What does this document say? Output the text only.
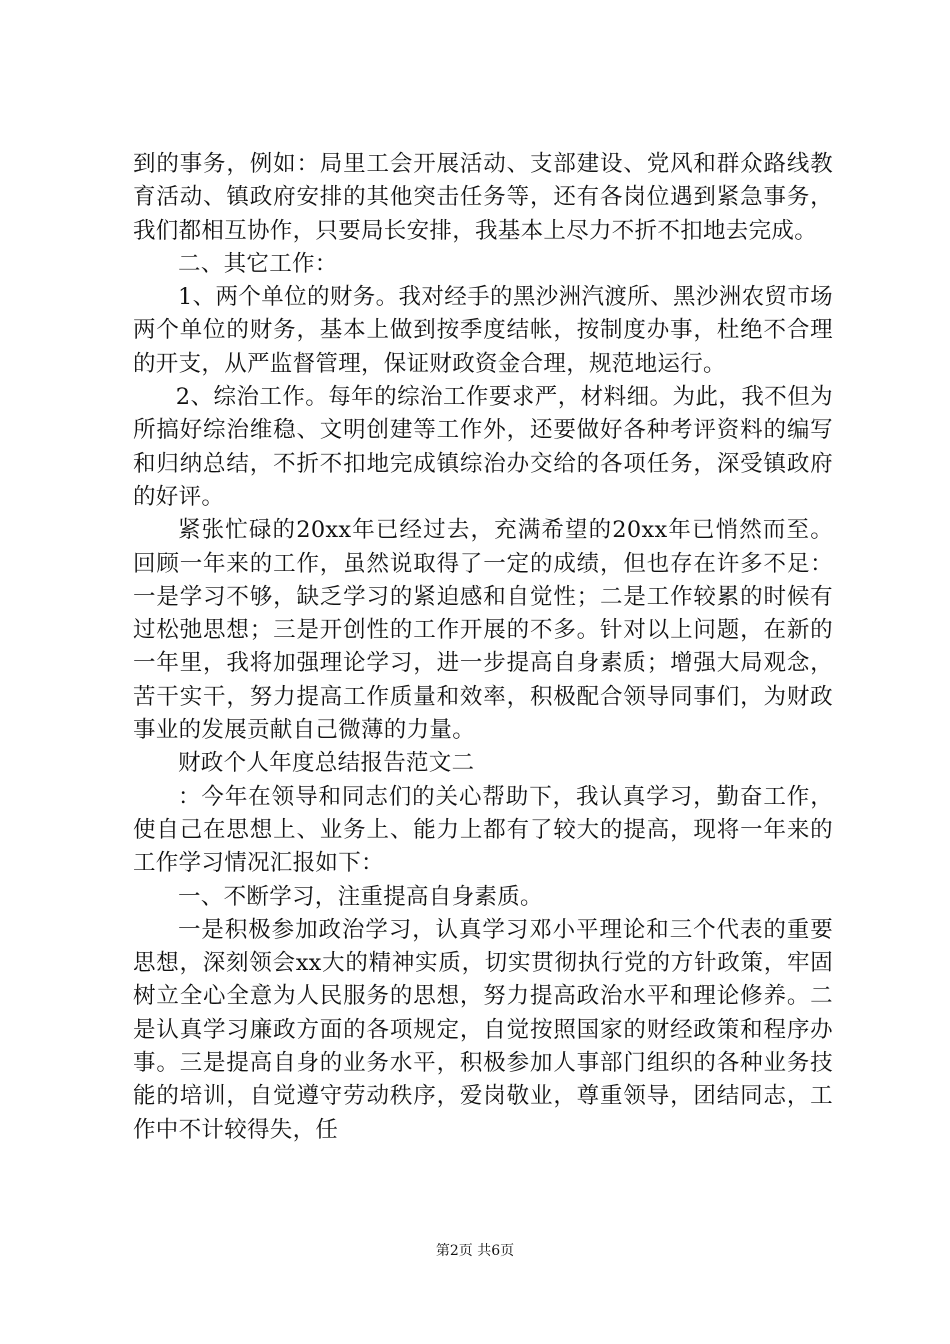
到的事务，例如：局里工会开展活动、支部建设、党风和群众路线教育活动、镇政府安排的其他突击任务等，还有各岗位遇到紧急事务，我们都相互协作，只要局长安排，我基本上尽力不折不扣地去完成。

二、其它工作：

1、两个单位的财务。我对经手的黑沙洲汽渡所、黑沙洲农贸市场两个单位的财务，基本上做到按季度结帐，按制度办事，杜绝不合理的开支，从严监督管理，保证财政资金合理，规范地运行。

2、综治工作。每年的综治工作要求严，材料细。为此，我不但为所搞好综治维稳、文明创建等工作外，还要做好各种考评资料的编写和归纳总结，不折不扣地完成镇综治办交给的各项任务，深受镇政府的好评。

紧张忙碌的20xx年已经过去，充满希望的20xx年已悄然而至。回顾一年来的工作，虽然说取得了一定的成绩，但也存在许多不足：一是学习不够，缺乏学习的紧迫感和自觉性；二是工作较累的时候有过松弛思想；三是开创性的工作开展的不多。针对以上问题，在新的一年里，我将加强理论学习，进一步提高自身素质；增强大局观念，苦干实干，努力提高工作质量和效率，积极配合领导同事们，为财政事业的发展贡献自己微薄的力量。

财政个人年度总结报告范文二

：今年在领导和同志们的关心帮助下，我认真学习，勤奋工作，使自己在思想上、业务上、能力上都有了较大的提高，现将一年来的工作学习情况汇报如下：

一、不断学习，注重提高自身素质。

一是积极参加政治学习，认真学习邓小平理论和三个代表的重要思想，深刻领会xx大的精神实质，切实贯彻执行党的方针政策，牢固树立全心全意为人民服务的思想，努力提高政治水平和理论修养。二是认真学习廉政方面的各项规定，自觉按照国家的财经政策和程序办事。三是提高自身的业务水平，积极参加人事部门组织的各种业务技能的培训，自觉遵守劳动秩序，爱岗敬业，尊重领导，团结同志，工作中不计较得失，任

第2页 共6页
